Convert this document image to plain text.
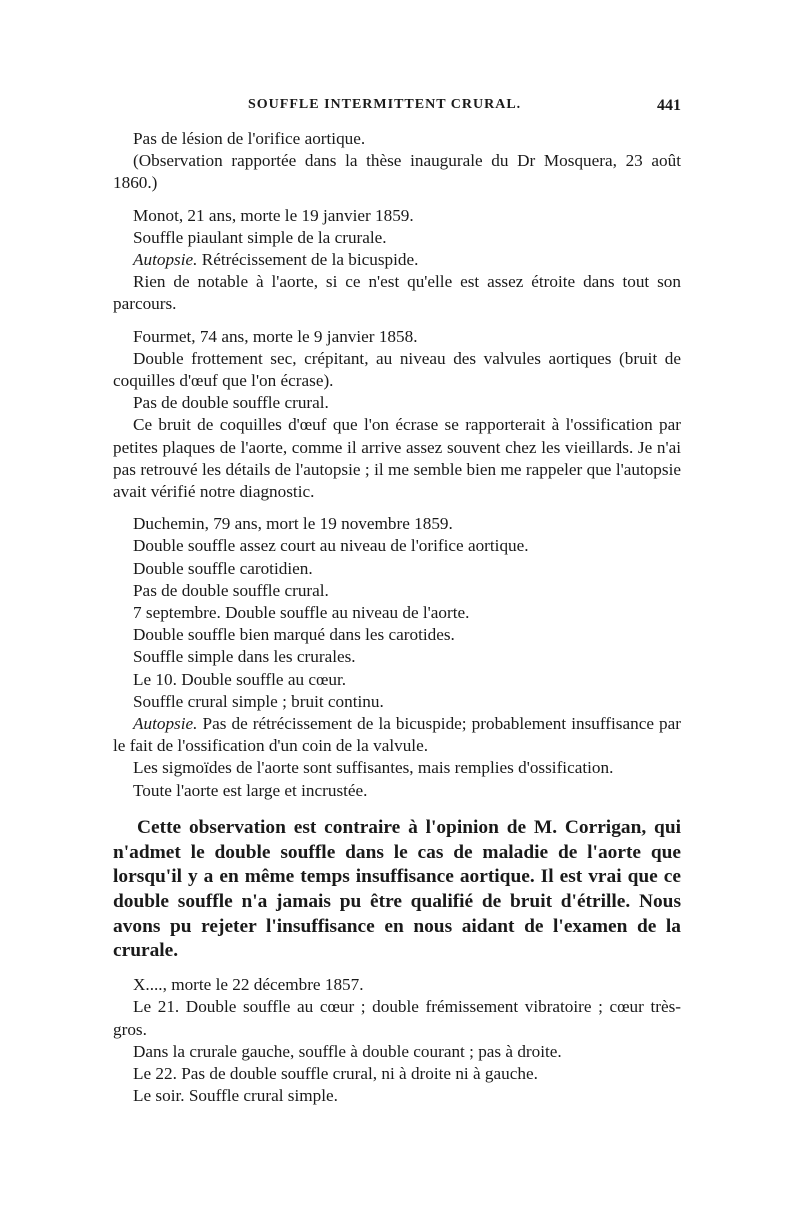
SOUFFLE INTERMITTENT CRURAL.	441

Pas de lésion de l'orifice aortique.

(Observation rapportée dans la thèse inaugurale du Dr Mosquera, 23 août 1860.)

Monot, 21 ans, morte le 19 janvier 1859.

Souffle piaulant simple de la crurale.

Autopsie. Rétrécissement de la bicuspide.

Rien de notable à l'aorte, si ce n'est qu'elle est assez étroite dans tout son parcours.

Fourmet, 74 ans, morte le 9 janvier 1858.

Double frottement sec, crépitant, au niveau des valvules aortiques (bruit de coquilles d'œuf que l'on écrase).

Pas de double souffle crural.

Ce bruit de coquilles d'œuf que l'on écrase se rapporterait à l'ossification par petites plaques de l'aorte, comme il arrive assez souvent chez les vieillards. Je n'ai pas retrouvé les détails de l'autopsie ; il me semble bien me rappeler que l'autopsie avait vérifié notre diagnostic.

Duchemin, 79 ans, mort le 19 novembre 1859.

Double souffle assez court au niveau de l'orifice aortique.

Double souffle carotidien.

Pas de double souffle crural.

7 septembre. Double souffle au niveau de l'aorte.

Double souffle bien marqué dans les carotides.

Souffle simple dans les crurales.

Le 10. Double souffle au cœur.

Souffle crural simple ; bruit continu.

Autopsie. Pas de rétrécissement de la bicuspide; probablement insuffisance par le fait de l'ossification d'un coin de la valvule.

Les sigmoïdes de l'aorte sont suffisantes, mais remplies d'ossification.

Toute l'aorte est large et incrustée.

Cette observation est contraire à l'opinion de M. Corrigan, qui n'admet le double souffle dans le cas de maladie de l'aorte que lorsqu'il y a en même temps insuffisance aortique. Il est vrai que ce double souffle n'a jamais pu être qualifié de bruit d'étrille. Nous avons pu rejeter l'insuffisance en nous aidant de l'examen de la crurale.

X...., morte le 22 décembre 1857.

Le 21. Double souffle au cœur ; double frémissement vibratoire ; cœur très-gros.

Dans la crurale gauche, souffle à double courant ; pas à droite.

Le 22. Pas de double souffle crural, ni à droite ni à gauche.

Le soir. Souffle crural simple.
